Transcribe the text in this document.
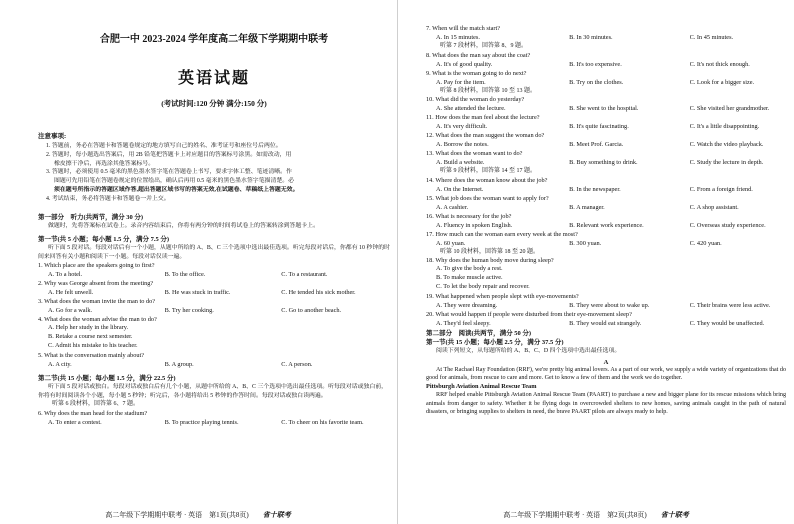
合肥一中 2023-2024 学年度高二年级下学期期中联考
英语试题
(考试时间:120 分钟 满分:150 分)
注意事项:
1. 答题前，务必在答题卡和答题卷规定的地方填写自己的姓名、准考证号和座位号后两位。
2. 答题时，每小题选出答案后，用 2B 铅笔把答题卡上对应题目的答案标号涂黑。如需改动，用
橡皮擦干净后，再选涂其他答案标号。
3. 答题时，必须使用 0.5 毫米的黑色墨水签字笔在答题卷上书写，要求字体工整、笔迹清晰。作
图题可先用铅笔在答题卷规定的位置绘出，确认后再用 0.5 毫米的黑色墨水签字笔描清楚。必
须在题号所指示的答题区域作答,超出答题区域书写的答案无效,在试题卷、草稿纸上答题无效。
4. 考试结束，务必将答题卡和答题卷一并上交。
第一部分　听力(共两节，满分 30 分)
做题时，先将答案标在试卷上。录音内容结束后，你将有两分钟的时间将试卷上的答案转涂到答题卡上。
第一节(共 5 小题；每小题 1.5 分，满分 7.5 分)
听下面 5 段对话。每段对话后有一个小题，从题中所给的 A、B、C 三个选项中选出最佳选项。听完每段对话后，你都有 10 秒钟的时间来回答有关小题和阅读下一小题。每段对话仅读一遍。
1. Which place are the speakers going to first?
A. To a hotel.	B. To the office.	C. To a restaurant.
2. Why was George absent from the meeting?
A. He felt unwell.	B. He was stuck in traffic.	C. He tended his sick mother.
3. What does the woman invite the man to do?
A. Go for a walk.	B. Try her cooking.	C. Go to another beach.
4. What does the woman advise the man to do?
A. Help her study in the library.
B. Retake a course next semester.
C. Admit his mistake to his teacher.
5. What is the conversation mainly about?
A. A city.	B. A group.	C. A person.
第二节(共 15 小题；每小题 1.5 分，满分 22.5 分)
听下面 5 段对话或独白。每段对话或独白后有几个小题，从题中所给的 A、B、C 三个选项中选出最佳选项。听每段对话或独白前，你将有时间阅读各个小题，每小题 5 秒钟；听完后，各小题将给出 5 秒钟的作答时间。每段对话或独白读两遍。
听第 6 段材料，回答第 6、7 题。
6. Why does the man head for the stadium?
A. To enter a contest.	B. To practice playing tennis.	C. To cheer on his favorite team.
高二年级下学期期中联考 · 英语　第1页(共8页) 省十联考
7. When will the match start?
A. In 15 minutes.	B. In 30 minutes.	C. In 45 minutes.
听第 7 段材料，回答第 8、9 题。
8. What does the man say about the coat?
A. It's of good quality.	B. It's too expensive.	C. It's not thick enough.
9. What is the woman going to do next?
A. Pay for the item.	B. Try on the clothes.	C. Look for a bigger size.
听第 8 段材料，回答第 10 至 13 题。
10. What did the woman do yesterday?
A. She attended the lecture.	B. She went to the hospital.	C. She visited her grandmother.
11. How does the man feel about the lecture?
A. It's very difficult.	B. It's quite fascinating.	C. It's a little disappointing.
12. What does the man suggest the woman do?
A. Borrow the notes.	B. Meet Prof. Garcia.	C. Watch the video playback.
13. What does the woman want to do?
A. Build a website.	B. Buy something to drink.	C. Study the lecture in depth.
听第 9 段材料，回答第 14 至 17 题。
14. Where does the woman know about the job?
A. On the Internet.	B. In the newspaper.	C. From a foreign friend.
15. What job does the woman want to apply for?
A. A cashier.	B. A manager.	C. A shop assistant.
16. What is necessary for the job?
A. Fluency in spoken English.	B. Relevant work experience.	C. Overseas study experience.
17. How much can the woman earn every week at the most?
A. 60 yuan.	B. 300 yuan.	C. 420 yuan.
听第 10 段材料，回答第 18 至 20 题。
18. Why does the human body move during sleep?
A. To give the body a rest.
B. To make muscle active.
C. To let the body repair and recover.
19. What happened when people slept with eye-movements?
A. They were dreaming.	B. They were about to wake up.	C. Their brains were less active.
20. What would happen if people were disturbed from their eye-movement sleep?
A. They'd feel sleepy.	B. They would eat strangely.	C. They would be unaffected.
第二部分　阅读(共两节，满分 50 分)
第一节(共 15 小题；每小题 2.5 分，满分 37.5 分)
阅读下列短文，从每题所给的 A、B、C、D 四个选项中选出最佳选项。
A
At The Rachael Ray Foundation (RRF), we're pretty big animal lovers. As a part of our work, we supply a wide variety of organizations that do good for animals, from rescue to care and more. Get to know a few of them and the work we do together.
Pittsburgh Aviation Animal Rescue Team
RRF helped enable Pittsburgh Aviation Animal Rescue Team (PAART) to purchase a new and bigger plane for its rescue missions which bring animals from danger to safety. Whether it be flying dogs in overcrowded shelters to new homes, saving animals caught in the path of natural disasters, or bringing supplies to shelters in need, the brave PAART pilots are always ready to help.
高二年级下学期期中联考 · 英语　第2页(共8页) 省十联考
